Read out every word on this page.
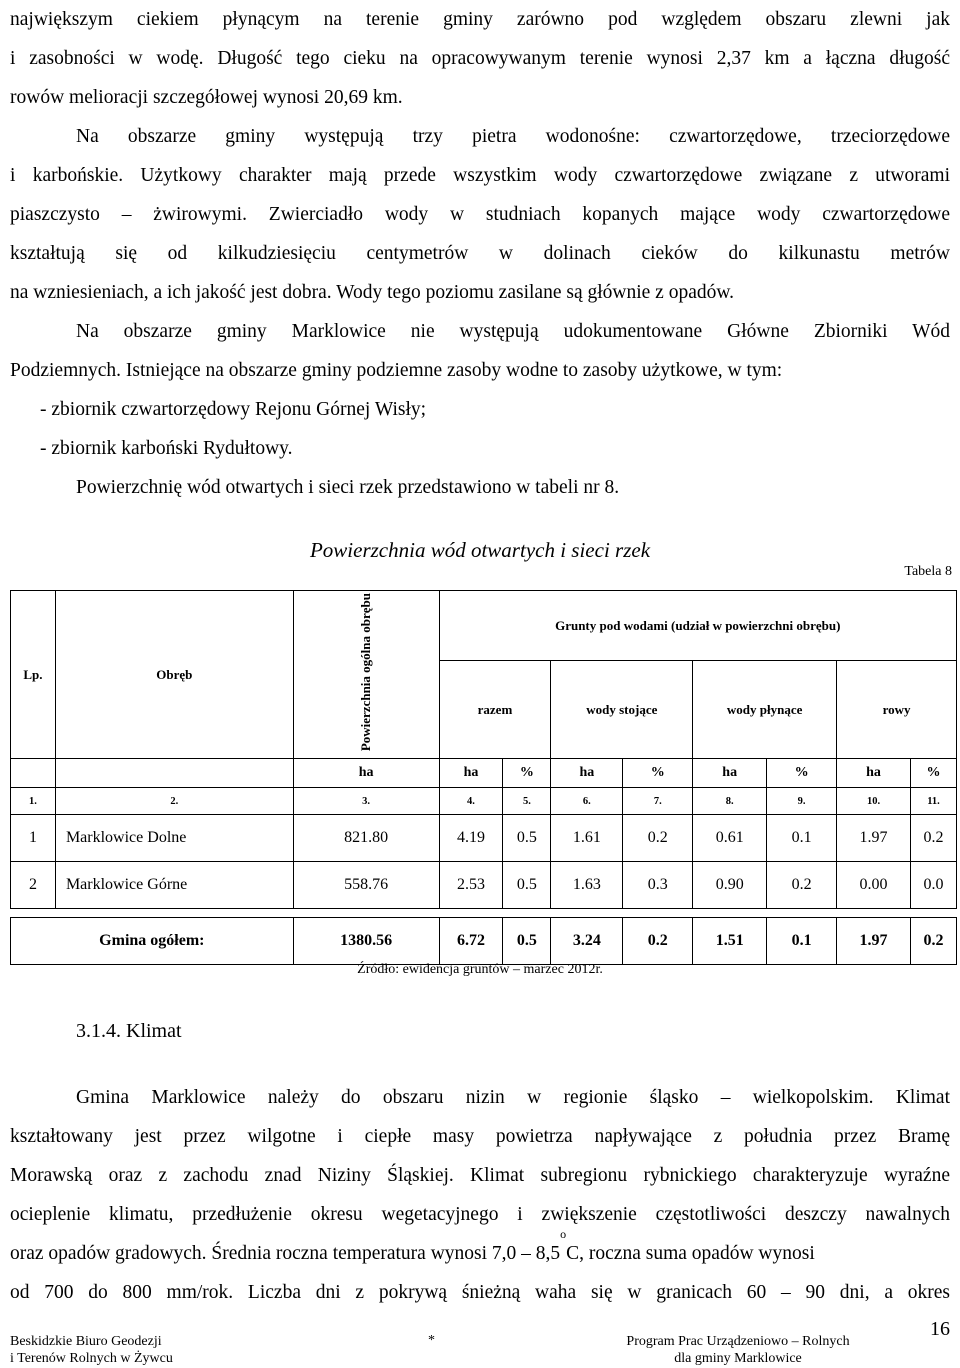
największym ciekiem płynącym na terenie gminy zarówno pod względem obszaru zlewni jak
i zasobności w wodę. Długość tego cieku na opracowywanym terenie wynosi 2,37 km a łączna długość
rowów melioracji szczegółowej wynosi 20,69 km.
Na obszarze gminy występują trzy pietra wodonośne: czwartorzędowe, trzeciorzędowe
i karbońskie. Użytkowy charakter mają przede wszystkim wody czwartorzędowe związane z utworami
piaszczysto – żwirowymi. Zwierciadło wody w studniach kopanych mające wody czwartorzędowe
kształtują się od kilkudziesięciu centymetrów w dolinach cieków do kilkunastu metrów
na wzniesieniach, a ich jakość jest dobra. Wody tego poziomu zasilane są głównie z opadów.
Na obszarze gminy Marklowice nie występują udokumentowane Główne Zbiorniki Wód
Podziemnych. Istniejące na obszarze gminy podziemne zasoby wodne to zasoby użytkowe, w tym:
- zbiornik czwartorzędowy Rejonu Górnej Wisły;
- zbiornik karboński Rydułtowy.
Powierzchnię wód otwartych i sieci rzek przedstawiono w tabeli nr 8.
Powierzchnia wód otwartych i sieci rzek
Tabela 8
Lp.	Obręb	Powierzchnia ogólna obrębu	Grunty pod wodami (udział w powierzchni obrębu)							
			razem		wody stojące		wody płynące		rowy	
		ha	ha	%	ha	%	ha	%	ha	%
1.	2.	3.	4.	5.	6.	7.	8.	9.	10.	11.
1	Marklowice Dolne	821.80	4.19	0.5	1.61	0.2	0.61	0.1	1.97	0.2
2	Marklowice Górne	558.76	2.53	0.5	1.63	0.3	0.90	0.2	0.00	0.0

Gmina ogółem:		1380.56	6.72	0.5	3.24	0.2	1.51	0.1	1.97	0.2
Źródło: ewidencja gruntów – marzec 2012r.
3.1.4. Klimat
Gmina Marklowice należy do obszaru nizin w regionie śląsko – wielkopolskim. Klimat
kształtowany jest przez wilgotne i ciepłe masy powietrza napływające z południa przez Bramę
Morawską oraz z zachodu znad Niziny Śląskiej. Klimat subregionu rybnickiego charakteryzuje wyraźne
ocieplenie klimatu, przedłużenie okresu wegetacyjnego i zwiększenie częstotliwości deszczy nawalnych
oraz opadów gradowych. Średnia roczna temperatura wynosi 7,0 – 8,5
o
C, roczna suma opadów wynosi
od 700 do 800 mm/rok. Liczba dni z pokrywą śnieżną waha się w granicach 60 – 90 dni, a okres
Beskidzkie Biuro Geodezji
i Terenów Rolnych w Żywcu
*	Program Prac Urządzeniowo – Rolnych
dla gminy Marklowice
16
